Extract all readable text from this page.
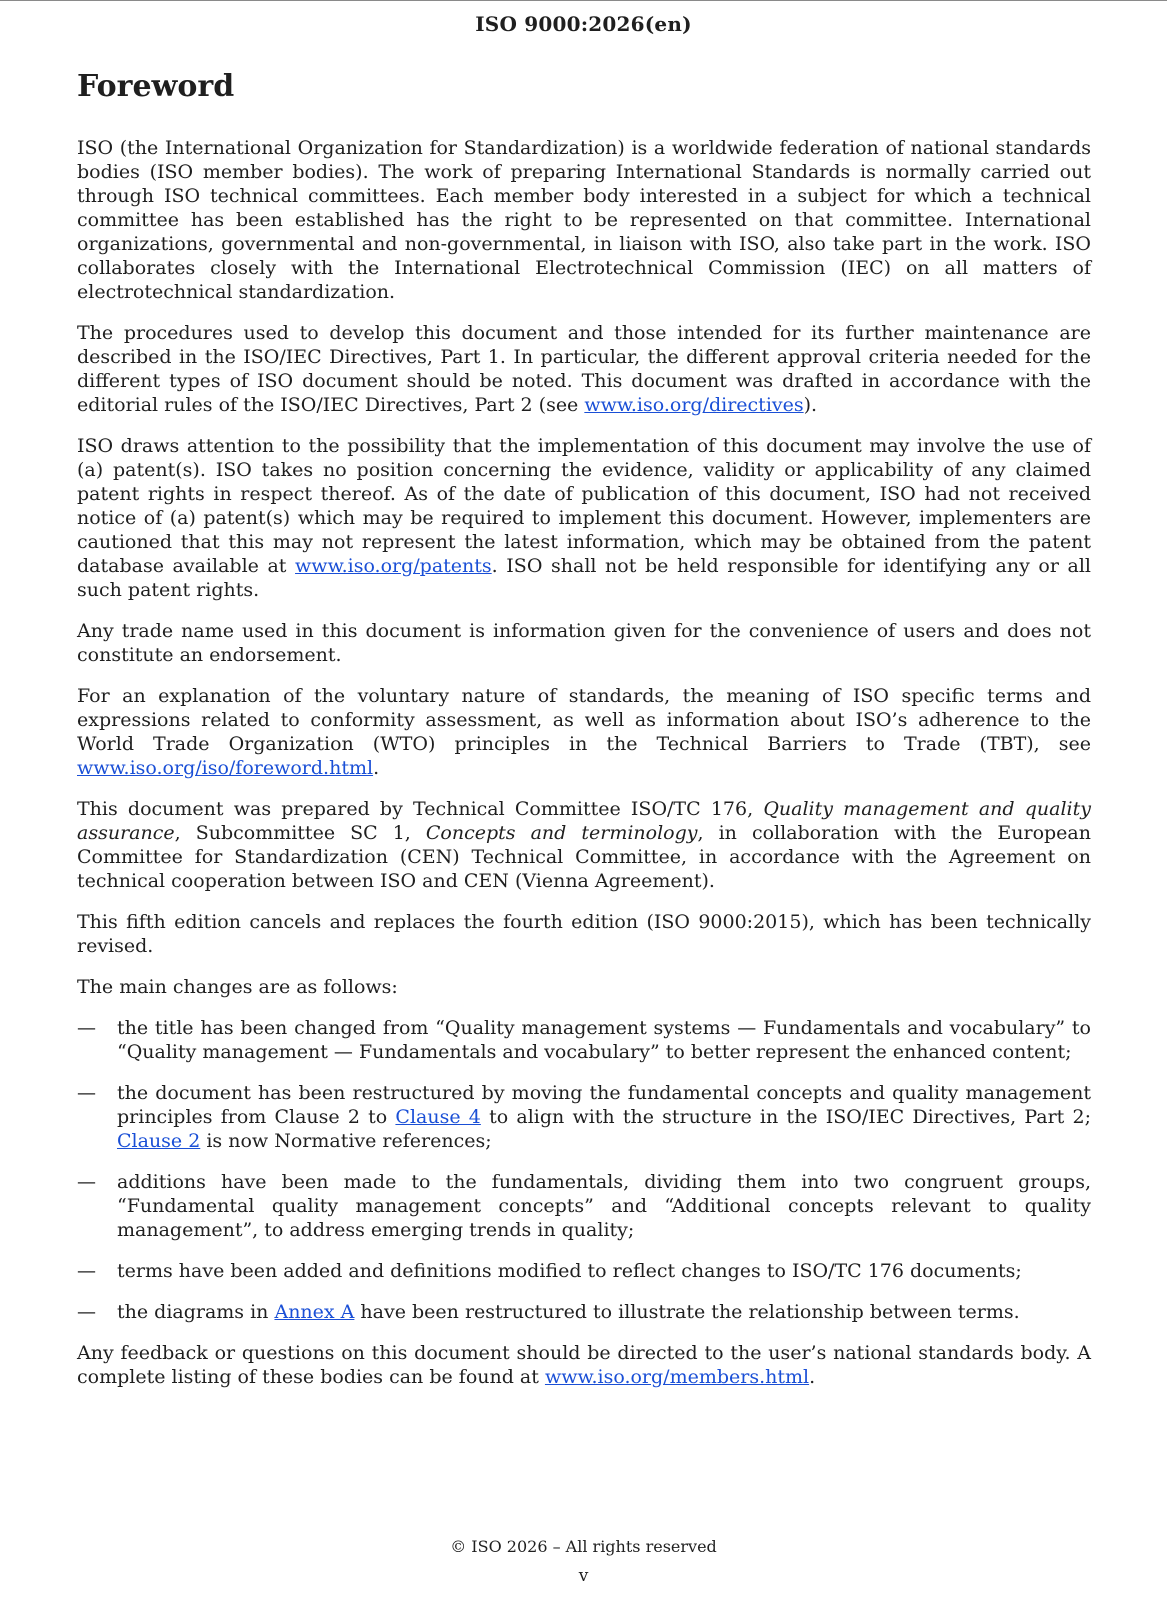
ISO 9000:2026(en)
Foreword

ISO (the International Organization for Standardization) is a worldwide federation of national standards bodies (ISO member bodies). The work of preparing International Standards is normally carried out through ISO technical committees. Each member body interested in a subject for which a technical committee has been established has the right to be represented on that committee. International organizations, governmental and non-governmental, in liaison with ISO, also take part in the work. ISO collaborates closely with the International Electrotechnical Commission (IEC) on all matters of electrotechnical standardization.

The procedures used to develop this document and those intended for its further maintenance are described in the ISO/IEC Directives, Part 1. In particular, the different approval criteria needed for the different types of ISO document should be noted. This document was drafted in accordance with the editorial rules of the ISO/IEC Directives, Part 2 (see www.iso.org/directives).

ISO draws attention to the possibility that the implementation of this document may involve the use of (a) patent(s). ISO takes no position concerning the evidence, validity or applicability of any claimed patent rights in respect thereof. As of the date of publication of this document, ISO had not received notice of (a) patent(s) which may be required to implement this document. However, implementers are cautioned that this may not represent the latest information, which may be obtained from the patent database available at www.iso.org/patents. ISO shall not be held responsible for identifying any or all such patent rights.

Any trade name used in this document is information given for the convenience of users and does not constitute an endorsement.

For an explanation of the voluntary nature of standards, the meaning of ISO specific terms and expressions related to conformity assessment, as well as information about ISO’s adherence to the World Trade Organization (WTO) principles in the Technical Barriers to Trade (TBT), see www.iso.org/iso/foreword.html.

This document was prepared by Technical Committee ISO/TC 176, Quality management and quality assurance, Subcommittee SC 1, Concepts and terminology, in collaboration with the European Committee for Standardization (CEN) Technical Committee, in accordance with the Agreement on technical cooperation between ISO and CEN (Vienna Agreement).

This fifth edition cancels and replaces the fourth edition (ISO 9000:2015), which has been technically revised.

The main changes are as follows:

— the title has been changed from “Quality management systems — Fundamentals and vocabulary” to “Quality management — Fundamentals and vocabulary” to better represent the enhanced content;
— the document has been restructured by moving the fundamental concepts and quality management principles from Clause 2 to Clause 4 to align with the structure in the ISO/IEC Directives, Part 2; Clause 2 is now Normative references;
— additions have been made to the fundamentals, dividing them into two congruent groups, “Fundamental quality management concepts” and “Additional concepts relevant to quality management”, to address emerging trends in quality;
— terms have been added and definitions modified to reflect changes to ISO/TC 176 documents;
— the diagrams in Annex A have been restructured to illustrate the relationship between terms.

Any feedback or questions on this document should be directed to the user’s national standards body. A complete listing of these bodies can be found at www.iso.org/members.html.

© ISO 2026 – All rights reserved
v
